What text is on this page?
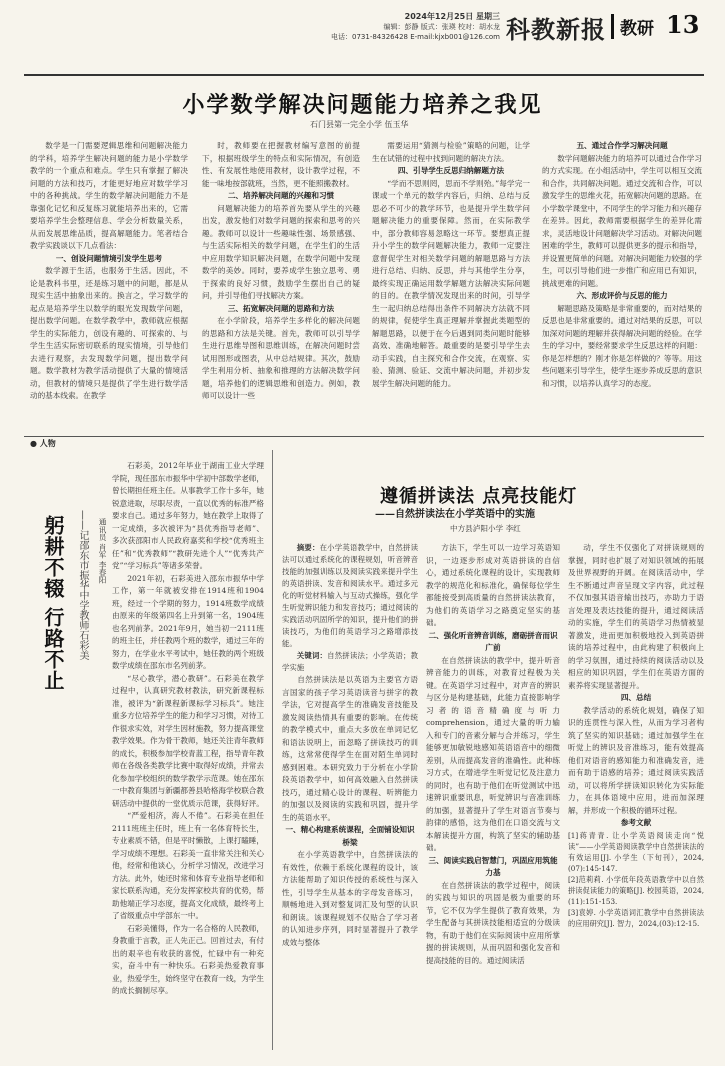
2024年12月25日 星期三
编辑：彭静 版式：张瑛 校对：胡水龙
电话：0731-84326428 E-mail:kjxb001@126.com 科教新报 教研 13
小学数学解决问题能力培养之我见
石门县第一完全小学 伍玉华

数学是一门需要逻辑思维和问题解决能力的学科，培养学生解决问题的能力是小学数学教学的一个重点和难点。学生只有掌握了解决问题的方法和技巧，才能更好地应对数学学习中的各种挑战。学生的数学解决问题能力不是靠强化记忆和反复练习就能培养出来的，它需要培养学生会整理信息、学会分析数量关系，从而发展思维品质，提高解题能力。笔者结合教学实践谈以下几点看法：

一、创设问题情境引发学生思考

数学源于生活，也服务于生活。因此，不论是教科书里，还是练习题中的问题，都是从现实生活中抽象出来的。换言之，学习数学的起点是培养学生以数学的眼光发现数学问题，提出数学问题。在数学教学中，教师就应根据学生的实际能力，创设有趣的、可探索的、与学生生活实际密切联系的现实情境，引导他们去进行观察，去发现数学问题，提出数学问题。数学教材为教学活动提供了大量的情境活动，但教材的情境只是提供了学生进行数学活动的基本线索。在教学

时，教师要在把握教材编写意图的前提下，根据班级学生的特点和实际情况，有创造性、有发展性地使用教材，设计教学过程，不能一味地按部就班，当然，更不能照搬教材。

二、培养解决问题的兴趣和习惯

问题解决能力的培养首先要从学生的兴趣出发，激发他们对数学问题的探索和思考的兴趣。教师可以设计一些趣味性强、场景感强、与生活实际相关的数学问题，在学生们的生活中应用数学知识解决问题，在数学问题中发现数学的美妙。同时，要养成学生独立思考、勇于探索的良好习惯，鼓励学生摆出自己的疑问，并引导他们寻找解决方案。

三、拓宽解决问题的思路和方法

在小学阶段，培养学生多样化的解决问题的思路和方法是关键。首先，教师可以引导学生进行思维导图和思维训练，在解决问题时尝试用图形或图表，从中总结规律。其次，鼓励学生利用分析、抽象和推理的方法解决数学问题，培养他们的逻辑思维和创造力。例如，教师可以设计一些

需要运用“猜测与检验”策略的问题，让学生在试错的过程中找到问题的解决方法。

四、引导学生反思归纳解题方法

“学而不思则罔，思而不学则殆。”每学完一课或一个单元的数学内容后，归纳、总结与反思必不可少的教学环节，也是提升学生数学问题解决能力的重要保障。然而，在实际教学中，部分教师容易忽略这一环节。要想真正提升小学生的数学问题解决能力，教师一定要注意督促学生对相关数学问题的解题思路与方法进行总结、归纳、反思，并与其他学生分享，最终实现正确运用数学解题方法解决实际问题的目的。在教学情况发现出来的时间，引导学生一起归纳总结得出条件不同解决方法就不同的规律，促使学生真正理解并掌握此类题型的解题思路，以便于在今后遇到同类问题时能够高效、准确地解答。最重要的是要引导学生去动手实践，自主探究和合作交流，在观察、实验、猜测、验证、交流中解决问题，并初步发展学生解决问题的能力。

五、通过合作学习解决问题

数学问题解决能力的培养可以通过合作学习的方式实现。在小组活动中，学生可以相互交流和合作，共同解决问题。通过交流和合作，可以激发学生的思维火花，拓宽解决问题的思路。在小学数学课堂中，不同学生的学习能力和兴趣存在差异。因此，教师需要根据学生的差异化需求，灵活地设计问题解决学习活动。对解决问题困难的学生，教师可以提供更多的提示和指导，并设置更简单的问题。对解决问题能力较强的学生，可以引导他们进一步推广和应用已有知识，挑战更难的问题。

六、形成评价与反思的能力

解题思路及策略是非常重要的，而对结果的反思也是非常重要的。通过对结果的反思，可以加深对问题的理解并获得解决问题的经验。在学生的学习中，要经常要求学生反思这样的问题：你是怎样想的？刚才你是怎样做的？等等。用这些问题来引导学生，使学生逐步养成反思的意识和习惯，以培养认真学习的态度。

● 人物
躬耕不辍 行路不止	——记邵东市振华中学教师石彩美	通讯员 肖军 李春阳

石彩美，2012年毕业于湖南工业大学理学院，现任邵东市振华中学初中部数学老师，曾长期担任班主任。从事教学工作十多年，她锐意进取，尽职尽责，一直以优秀的标准严格要求自己。通过多年努力，她在教学上取得了一定成绩，多次被评为“县优秀指导老师”、多次获邵阳市人民政府嘉奖和学校“优秀班主任”和“优秀教师”“教研先进个人”“优秀共产党”“学习标兵”等诸多荣誉。

2021年初，石彩美进入邵东市振华中学工作，第一年就被安排在1914班和1904班，经过一个学期的努力，1914班数学成绩由原来的年级第四名上升到第一名，1904班也名列前茅。2021年9月，她当初一2111班的班主任，并任教两个班的数学，通过三年的努力，在学业水平考试中，她任教的两个班级数学成绩在邵东市名列前茅。

“尽心教学，潜心教研”。石彩美在教学过程中，认真研究教材教法，研究新课程标准，被评为“新课程新课标学习标兵”。她注重多方位培养学生的能力和学习习惯，对待工作很求实效，对学生因材施教，努力提高课堂教学效果。作为骨干教师，她还关注青年教师的成长，积极参加学校青蓝工程，指导青年教师在各级各类教学比赛中取得好成绩，并常去化参加学校组织的数学教学示范课。她在邵东一中教育集团与新疆都善县哈格海学校联合教研活动中提供的一堂优质示范课，获得好评。

“严爱相济，海人不倦”。石彩美在担任2111班班主任时，班上有一名体育特长生，专业素质不错，但是平时懒散，上课打瞌睡，学习成绩不理想。石彩美一直非常关注和关心他，经常和他谈心，分析学习情况，改进学习方法。此外，她还时常和体育专业指导老师和家长联系沟通，充分发挥家校共育的优势，帮助他端正学习态度，提高文化成绩，最终考上了省级重点中学部东一中。

石彩美懂得，作为一名合格的人民教师，身教重于言教，正人先正己。回首过去，有付出的艰辛也有收获的喜悦，忙碌中有一种充实，奋斗中有一种快乐。石彩美热爱教育事业，热爱学生，始终坚守在教育一线，为学生的成长搁制尽享。

遵循拼读法 点亮技能灯
——自然拼读法在小学英语中的实施
中方县泸阳小学 李红

摘要：在小学英语教学中，自然拼读法可以通过系统化的课程规划，听音辨音技能的加强训练以及阅读实践来提升学生的英语拼读、发音和阅读水平。通过多元化的听觉材料输入与互动式操练，强化学生听觉辨识能力和发音技巧；通过阅读的实践活动巩固所学的知识，提升他们的拼读技巧，为他们的英语学习之路增添技能。

关键词：自然拼读法；小学英语；教学实施

自然拼读法是以英语为主要官方语言国家的孩子学习英语读音与拼字的教学法，它对提高学生的准确发音技能及激发阅读热情具有重要的影响。在传统的教学模式中，重点大多放在单词记忆和语法说明上，而忽略了拼读技巧的训练，这常常使得学生在面对陌生单词时感到困难。本研究致力于分析在小学阶段英语教学中，如何高效融入自然拼读技巧，通过精心设计的课程、听辨能力的加强以及阅读的实践和巩固，提升学生的英语水平。

一、精心构建系统课程，全面铺设知识桥梁

在小学英语教学中，自然拼读法的有效性，依赖于系统化课程的设计，该方法能帮助了知识传授的系统性与深入性，引导学生从基本的字母发音练习，顺畅地进入到对整复词汇及句型的认识和朗读。该课程规划不仅贴合了学习者的认知进步序列，同时显著提升了教学成效与整体

方法下，学生可以一边学习英语知识，一边逐步形成对英语拼读的自信心，通过系统化课程的设计，实现教师教学的规范化和标准化，确保每位学生都能接受到高质量的自然拼读法教育，为他们的英语学习之路奠定坚实的基础。

二、强化听音辨音训练，磨砺拼音而识广前

在自然拼读法的教学中，提升听音辨音能力的训练，对教育过程极为关键。在英语学习过程中，对声音的辨识与区分是构建基础，此能力直接影响学习者的语音精确度与听力comprehension，通过大量的听力输入和专门的音素分解与合并练习，学生能够更加敏锐地感知英语语音中的细微差别，从而提高发音的准确性。此种练习方式，在增进学生听觉记忆及注意力的同时，也有助于他们在听觉测试中迅速辨识重要讯息，听觉辨识与音准训练的加强，显著提升了学生对语言节奏与韵律的感悟，这为他们在口语交流与文本解读提升方面，构筑了坚实的辅助基础。

三、阅读实践启智慧门，巩固应用筑能力基

在自然拼读法的教学过程中，阅读的实践与知识的巩固是极为重要的环节，它不仅为学生提供了教育效果，为学生配备与其拼读技能相适宜的分级读物，有助于他们在实际阅读中应用所掌握的拼读规则，从而巩固和强化发音和提高技能的目的。通过阅读活

动，学生不仅强化了对拼读规则的掌握，同时也扩展了对知识领域的拓展及世界视野的开阔。在阅读活动中，学生不断通过声音呈现文字内容，此过程不仅加强其语音输出技巧，亦助力于语言处理及表达技能的提升，通过阅读活动的实施，学生们的英语学习热情被显著激发，进而更加积极地投入到英语拼读的培养过程中，由此构建了积极向上的学习氛围，通过持续的阅读活动以及相应的知识巩固，学生们在英语方面的素养将实现显著提升。

四、总结

教学活动的系统化规划，确保了知识的连贯性与深入性，从而为学习者构筑了坚实的知识基础；通过加强学生在听觉上的辨识及音准练习，能有效提高他们对语音的感知能力和准确发音，进而有助于语感的培养；通过阅读实践活动，可以将所学拼读知识转化为实际能力，在具体语境中应用，进而加深理解，并形成一个积极的循环过程。

参考文献

[1]蒋青青. 让小学英语阅读走向“悦读”——小学英语阅读教学中自然拼读法的有效运用[J]. 小学生（下旬刊），2024,(07):145-147.

[2]范莉莉. 小学低年段英语教学中以自然拼读促读能力的策略[J]. 校园英语，2024,(11):151-153.

[3]袁婷. 小学英语词汇教学中自然拼读法的应用研究[J]. 智力，2024,(03):12-15.
